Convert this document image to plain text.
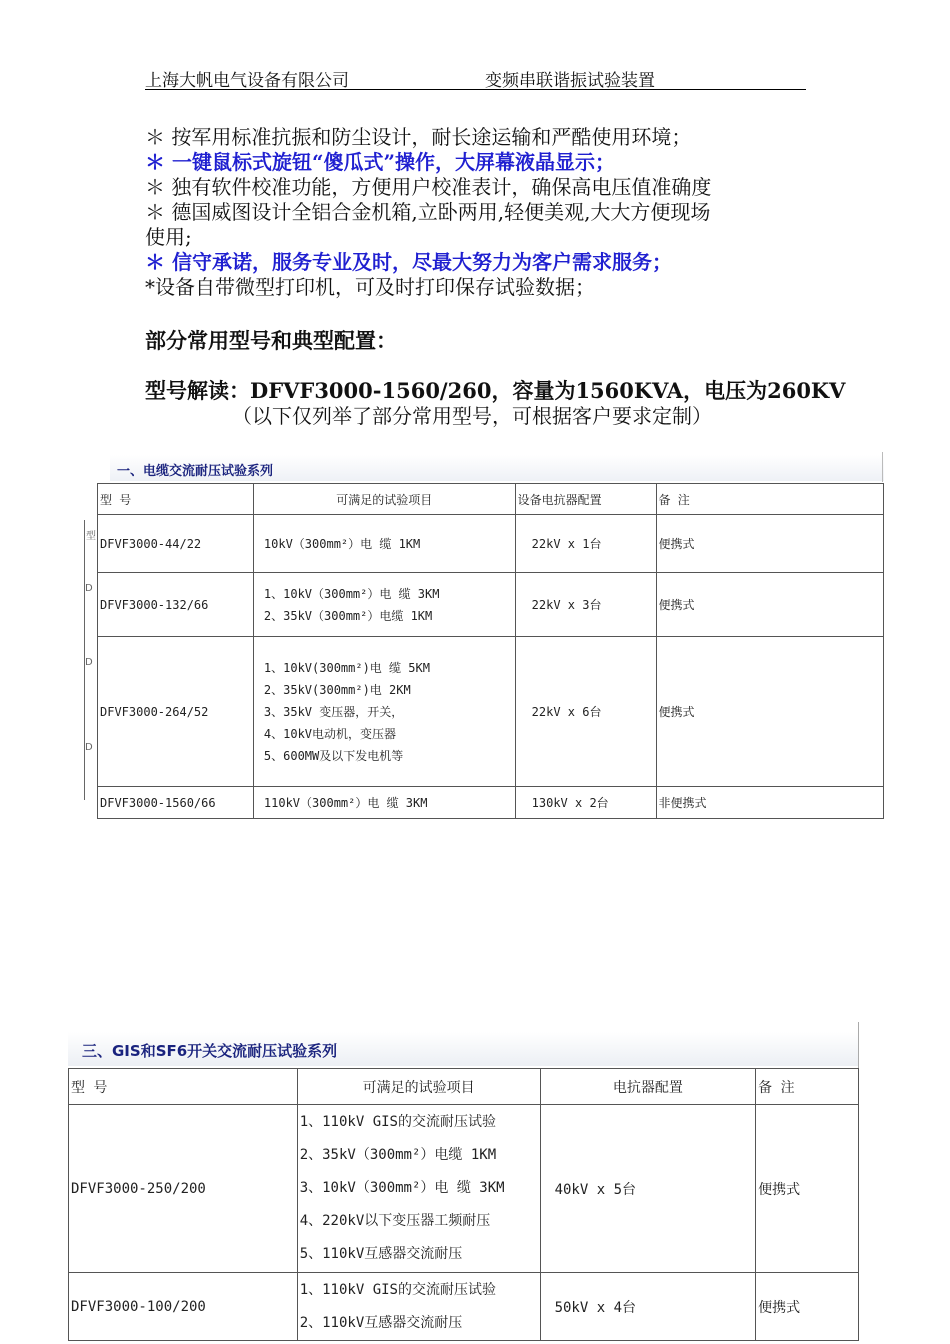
上海大帆电气设备有限公司	变频串联谐振试验装置
＊ 按军用标准抗振和防尘设计，耐长途运输和严酷使用环境；
＊ 一键鼠标式旋钮“傻瓜式”操作，大屏幕液晶显示；
＊ 独有软件校准功能，方便用户校准表计，确保高电压值准确度
＊ 德国威图设计全铝合金机箱,立卧两用,轻便美观,大大方便现场
使用;
＊ 信守承诺，服务专业及时，尽最大努力为客户需求服务；
*设备自带微型打印机，可及时打印保存试验数据；
部分常用型号和典型配置：
型号解读：DFVF3000-1560/260，容量为1560KVA，电压为260KV
（以下仅列举了部分常用型号，可根据客户要求定制）
一、电缆交流耐压试验系列
型
D
D
D
型 号	可满足的试验项目	设备电抗器配置	备 注
DFVF3000-44/22	10kV（300mm²）电 缆 1KM	22kV x 1台	便携式
DFVF3000-132/66	1、10kV（300mm²）电 缆 3KM
2、35kV（300mm²）电缆 1KM	22kV x 3台	便携式
DFVF3000-264/52	1、10kV(300mm²)电 缆 5KM
2、35kV(300mm²)电 2KM
3、35kV 变压器，开关，
4、10kV电动机，变压器
5、600MW及以下发电机等	22kV x 6台	便携式
DFVF3000-1560/66	110kV（300mm²）电 缆 3KM	130kV x 2台	非便携式
三、GIS和SF6开关交流耐压试验系列
型 号	可满足的试验项目	电抗器配置	备 注
DFVF3000-250/200	1、110kV GIS的交流耐压试验
2、35kV（300mm²）电缆 1KM
3、10kV（300mm²）电 缆 3KM
4、220kV以下变压器工频耐压
5、110kV互感器交流耐压	40kV x 5台	便携式
DFVF3000-100/200	1、110kV GIS的交流耐压试验
2、110kV互感器交流耐压	50kV x 4台	便携式
